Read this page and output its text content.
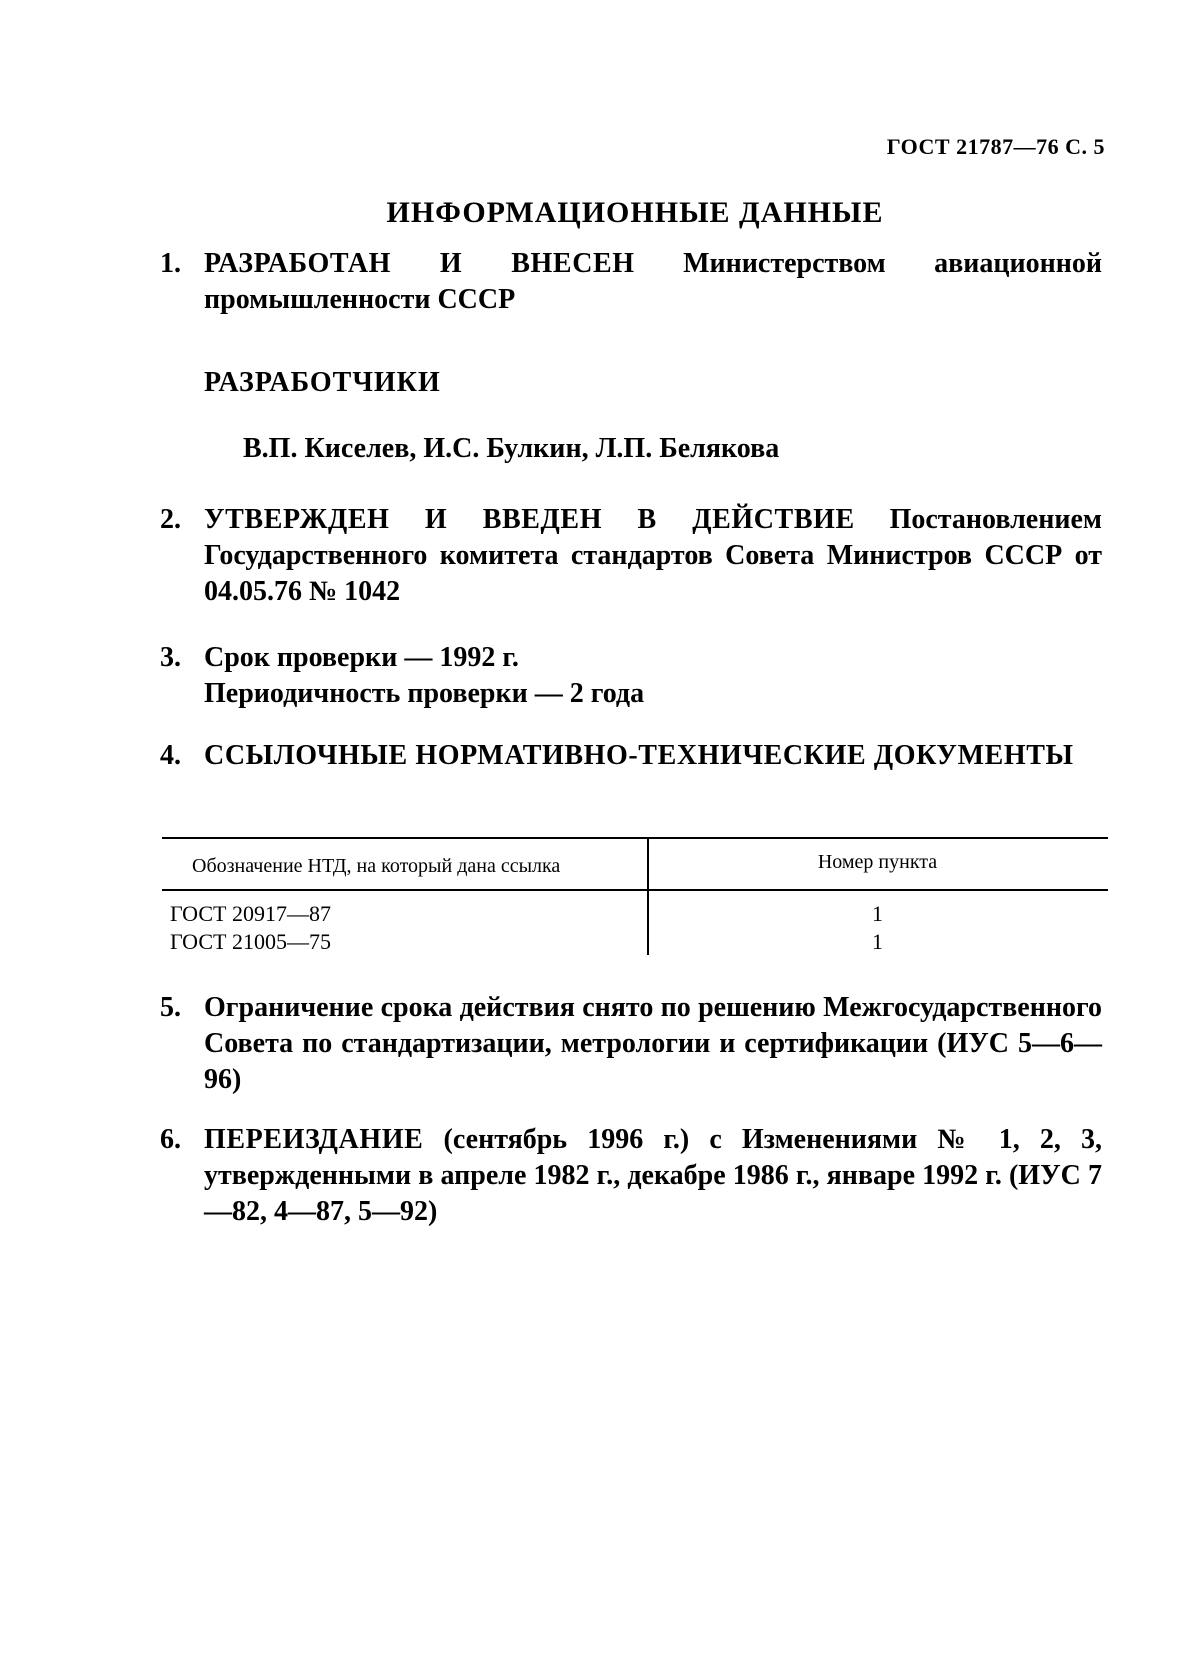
ГОСТ 21787—76 С. 5
ИНФОРМАЦИОННЫЕ ДАННЫЕ
1. РАЗРАБОТАН И ВНЕСЕН Министерством авиационной промышленности СССР
РАЗРАБОТЧИКИ
В.П. Киселев, И.С. Булкин, Л.П. Белякова
2. УТВЕРЖДЕН И ВВЕДЕН В ДЕЙСТВИЕ Постановлением Государственного комитета стандартов Совета Министров СССР от 04.05.76 № 1042
3. Срок проверки — 1992 г.
Периодичность проверки — 2 года
4. ССЫЛОЧНЫЕ НОРМАТИВНО-ТЕХНИЧЕСКИЕ ДОКУМЕНТЫ
Обозначение НТД, на который дана ссылка	Номер пункта
ГОСТ 20917—87	1
ГОСТ 21005—75	1
5. Ограничение срока действия снято по решению Межгосударственного Совета по стандартизации, метрологии и сертификации (ИУС 5—6—96)
6. ПЕРЕИЗДАНИЕ (сентябрь 1996 г.) с Изменениями № 1, 2, 3, утвержденными в апреле 1982 г., декабре 1986 г., январе 1992 г. (ИУС 7—82, 4—87, 5—92)
